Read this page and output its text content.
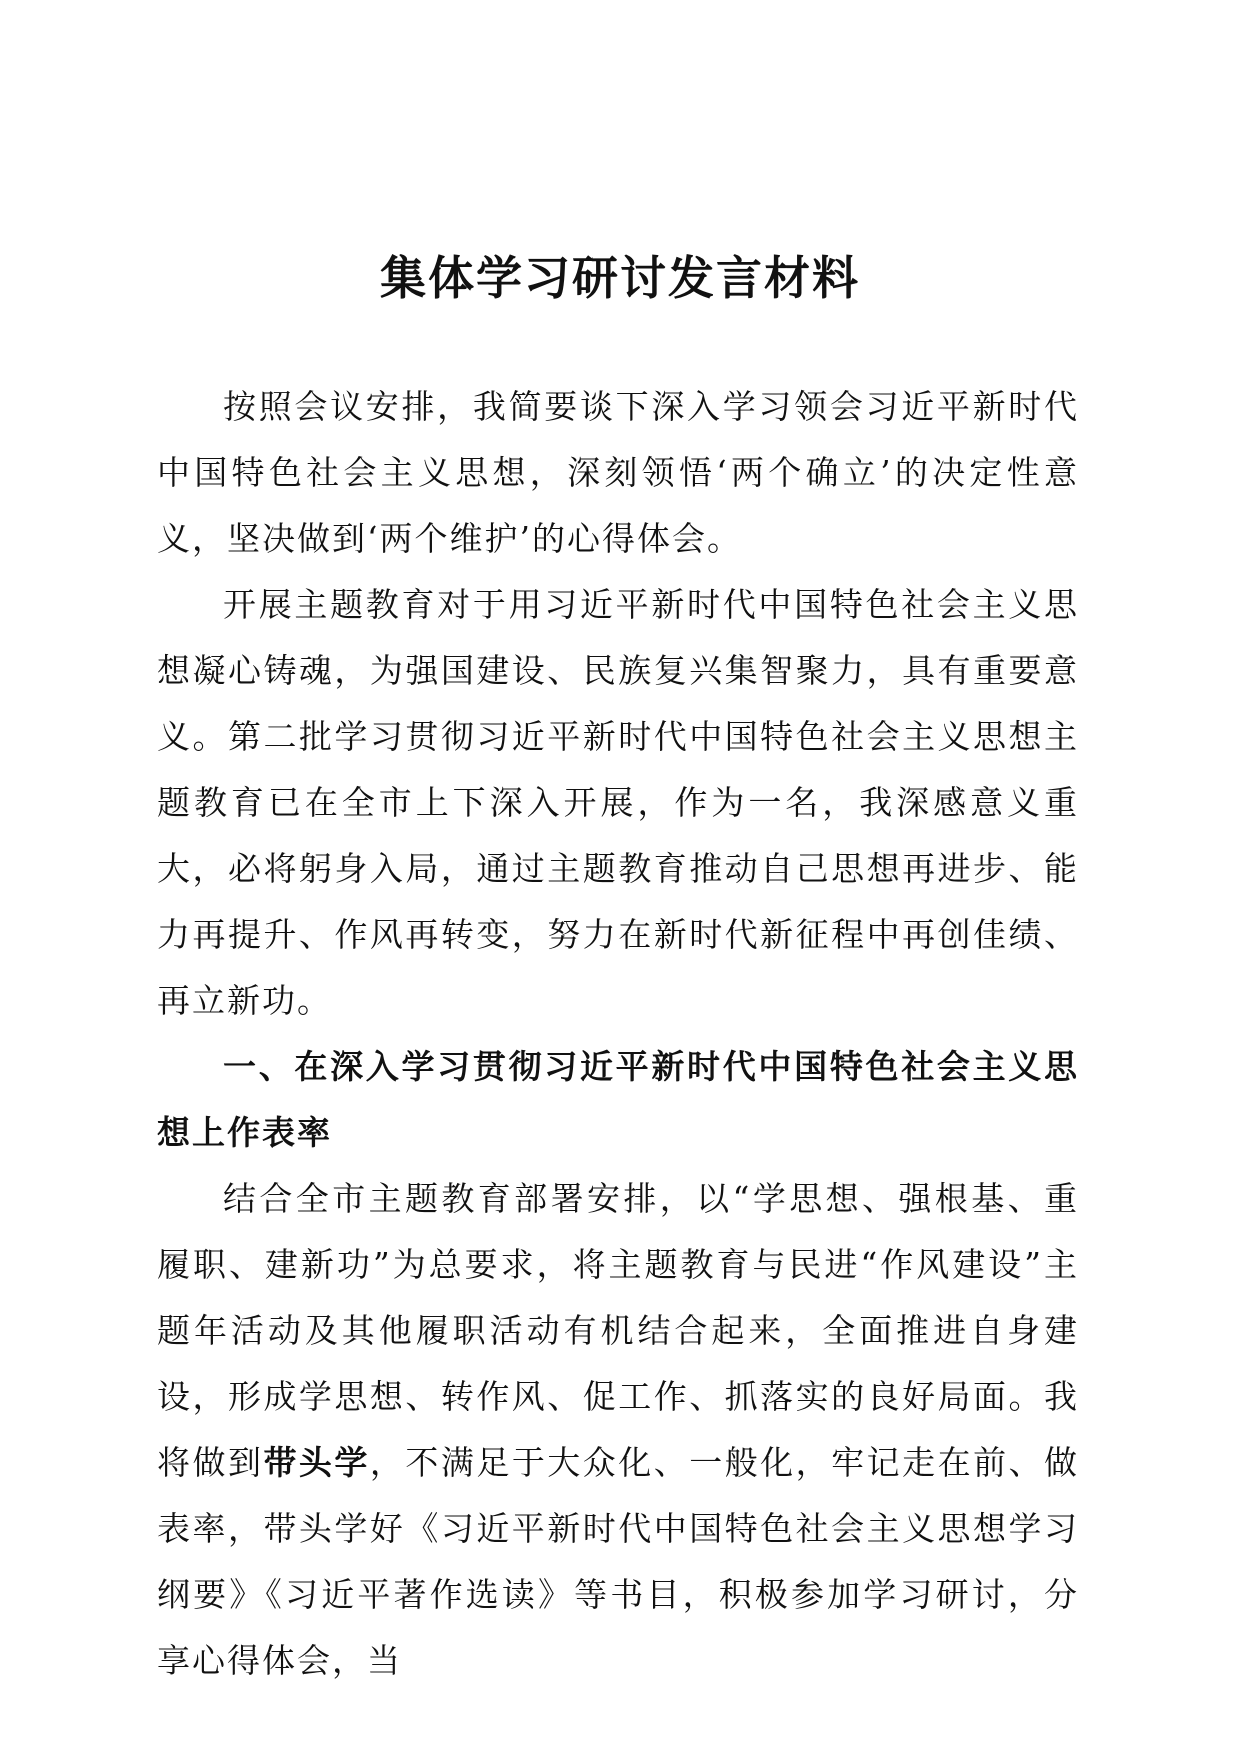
集体学习研讨发言材料

按照会议安排，我简要谈下深入学习领会习近平新时代中国特色社会主义思想，深刻领悟‘两个确立’的决定性意义，坚决做到‘两个维护’的心得体会。

开展主题教育对于用习近平新时代中国特色社会主义思想凝心铸魂，为强国建设、民族复兴集智聚力，具有重要意义。第二批学习贯彻习近平新时代中国特色社会主义思想主题教育已在全市上下深入开展，作为一名，我深感意义重大，必将躬身入局，通过主题教育推动自己思想再进步、能力再提升、作风再转变，努力在新时代新征程中再创佳绩、再立新功。

一、在深入学习贯彻习近平新时代中国特色社会主义思想上作表率

结合全市主题教育部署安排，以“学思想、强根基、重履职、建新功”为总要求，将主题教育与民进“作风建设”主题年活动及其他履职活动有机结合起来，全面推进自身建设，形成学思想、转作风、促工作、抓落实的良好局面。我将做到带头学，不满足于大众化、一般化，牢记走在前、做表率，带头学好《习近平新时代中国特色社会主义思想学习纲要》《习近平著作选读》等书目，积极参加学习研讨，分享心得体会，当
